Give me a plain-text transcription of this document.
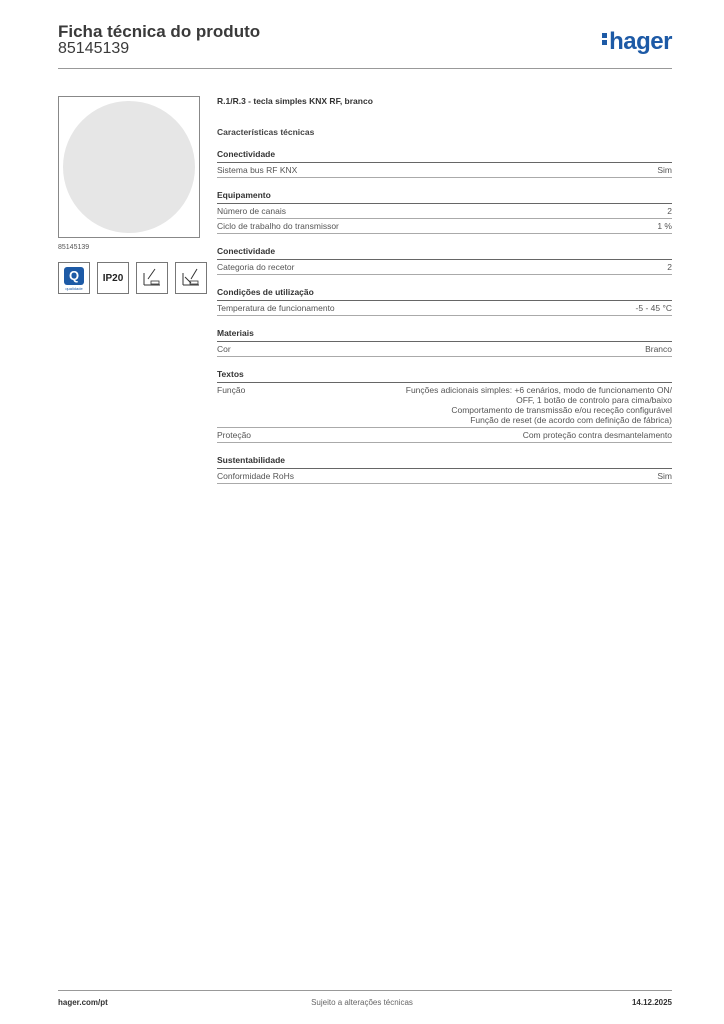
Ficha técnica do produto
85145139	hager
85145139
Q
qualidade
IP20
R.1/R.3 - tecla simples KNX RF, branco
Características técnicas
Conectividade
Sistema bus RF KNX	Sim
Equipamento
Número de canais	2
Ciclo de trabalho do transmissor	1 %
Conectividade
Categoria do recetor	2
Condições de utilização
Temperatura de funcionamento	-5 - 45 °C
Materiais
Cor	Branco
Textos
Função	Funções adicionais simples: +6 cenários, modo de funcionamento ON/
OFF, 1 botão de controlo para cima/baixo
Comportamento de transmissão e/ou receção configurável
Função de reset (de acordo com definição de fábrica)
Proteção	Com proteção contra desmantelamento
Sustentabilidade
Conformidade RoHs	Sim
hager.com/pt	Sujeito a alterações técnicas	14.12.2025
